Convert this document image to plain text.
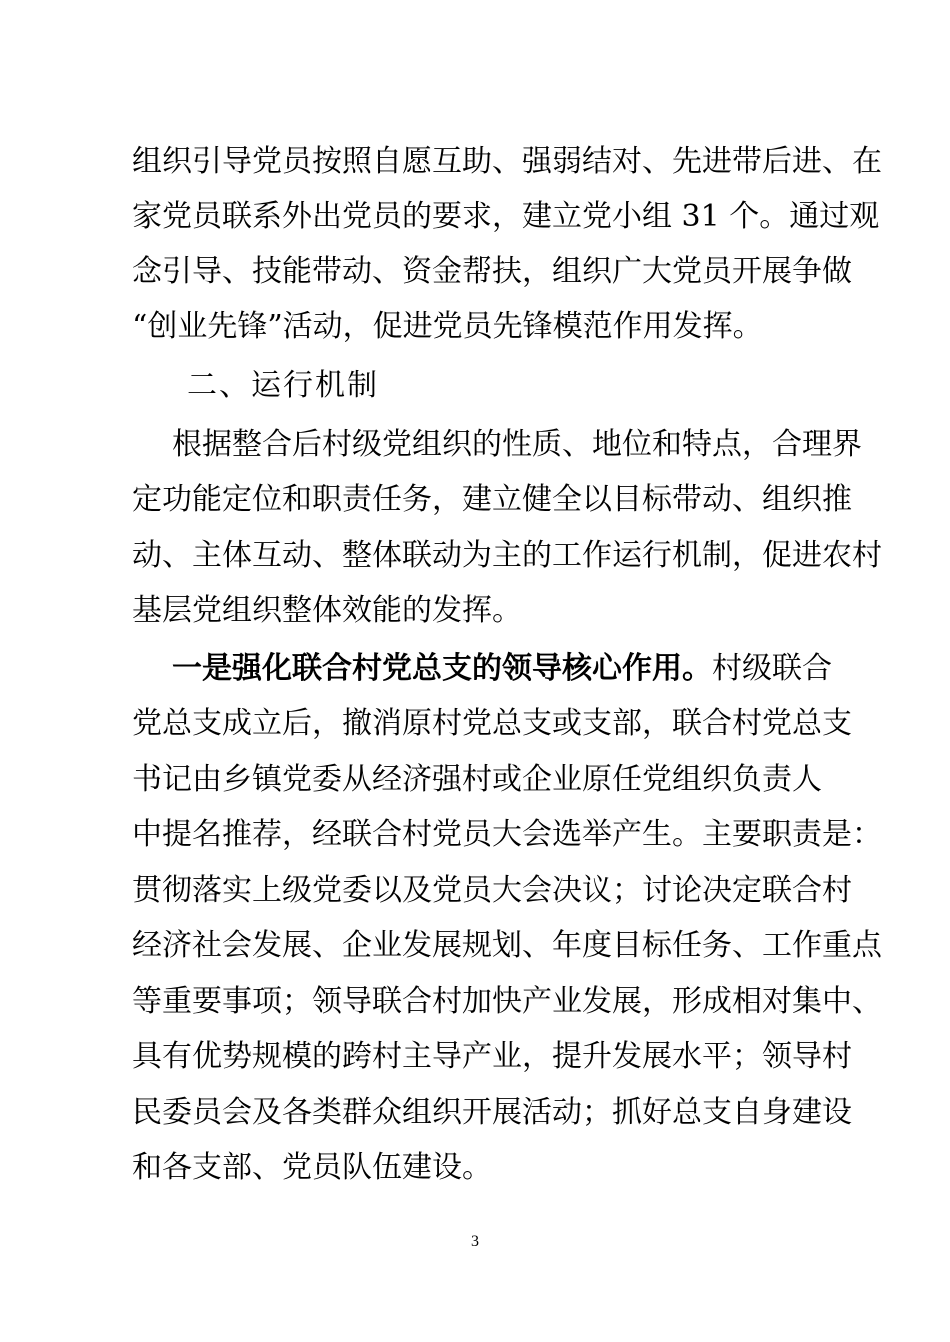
组织引导党员按照自愿互助、强弱结对、先进带后进、在
家党员联系外出党员的要求，建立党小组 31 个。通过观
念引导、技能带动、资金帮扶，组织广大党员开展争做
“创业先锋”活动，促进党员先锋模范作用发挥。
二、运行机制
根据整合后村级党组织的性质、地位和特点，合理界
定功能定位和职责任务，建立健全以目标带动、组织推
动、主体互动、整体联动为主的工作运行机制，促进农村
基层党组织整体效能的发挥。
一是强化联合村党总支的领导核心作用。村级联合
党总支成立后，撤消原村党总支或支部，联合村党总支
书记由乡镇党委从经济强村或企业原任党组织负责人
中提名推荐，经联合村党员大会选举产生。主要职责是：
贯彻落实上级党委以及党员大会决议；讨论决定联合村
经济社会发展、企业发展规划、年度目标任务、工作重点
等重要事项；领导联合村加快产业发展，形成相对集中、
具有优势规模的跨村主导产业，提升发展水平；领导村
民委员会及各类群众组织开展活动；抓好总支自身建设
和各支部、党员队伍建设。
3
